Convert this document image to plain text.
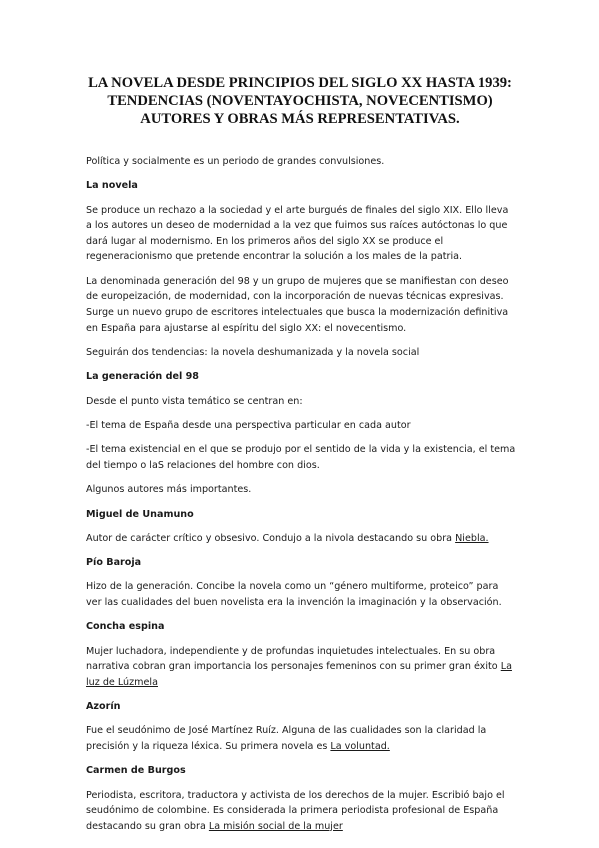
LA NOVELA DESDE PRINCIPIOS DEL SIGLO XX HASTA 1939:
TENDENCIAS (NOVENTAYOCHISTA, NOVECENTISMO)
AUTORES Y OBRAS MÁS REPRESENTATIVAS.

Política y socialmente es un periodo de grandes convulsiones.

La novela

Se produce un rechazo a la sociedad y el arte burgués de finales del siglo XIX. Ello lleva a los autores un deseo de modernidad a la vez que fuimos sus raíces autóctonas lo que dará lugar al modernismo. En los primeros años del siglo XX se produce el regeneracionismo que pretende encontrar la solución a los males de la patria.

La denominada generación del 98 y un grupo de mujeres que se manifiestan con deseo de europeización, de modernidad, con la incorporación de nuevas técnicas expresivas. Surge un nuevo grupo de escritores intelectuales que busca la modernización definitiva en España para ajustarse al espíritu del siglo XX: el novecentismo.

Seguirán dos tendencias: la novela deshumanizada y la novela social

La generación del 98

Desde el punto vista temático se centran en:

-El tema de España desde una perspectiva particular en cada autor

-El tema existencial en el que se produjo por el sentido de la vida y la existencia, el tema del tiempo o laS relaciones del hombre con dios.

Algunos autores más importantes.

Miguel de Unamuno

Autor de carácter crítico y obsesivo. Condujo a la nivola destacando su obra Niebla.

Pío Baroja

Hizo de la generación. Concibe la novela como un “género multiforme, proteico” para ver las cualidades del buen novelista era la invención la imaginación y la observación.

Concha espina

Mujer luchadora, independiente y de profundas inquietudes intelectuales. En su obra narrativa cobran gran importancia los personajes femeninos con su primer gran éxito La luz de Lúzmela

Azorín

Fue el seudónimo de José Martínez Ruíz. Alguna de las cualidades son la claridad la precisión y la riqueza léxica. Su primera novela es La voluntad.

Carmen de Burgos

Periodista, escritora, traductora y activista de los derechos de la mujer. Escribió bajo el seudónimo de colombine. Es considerada la primera periodista profesional de España destacando su gran obra La misión social de la mujer
